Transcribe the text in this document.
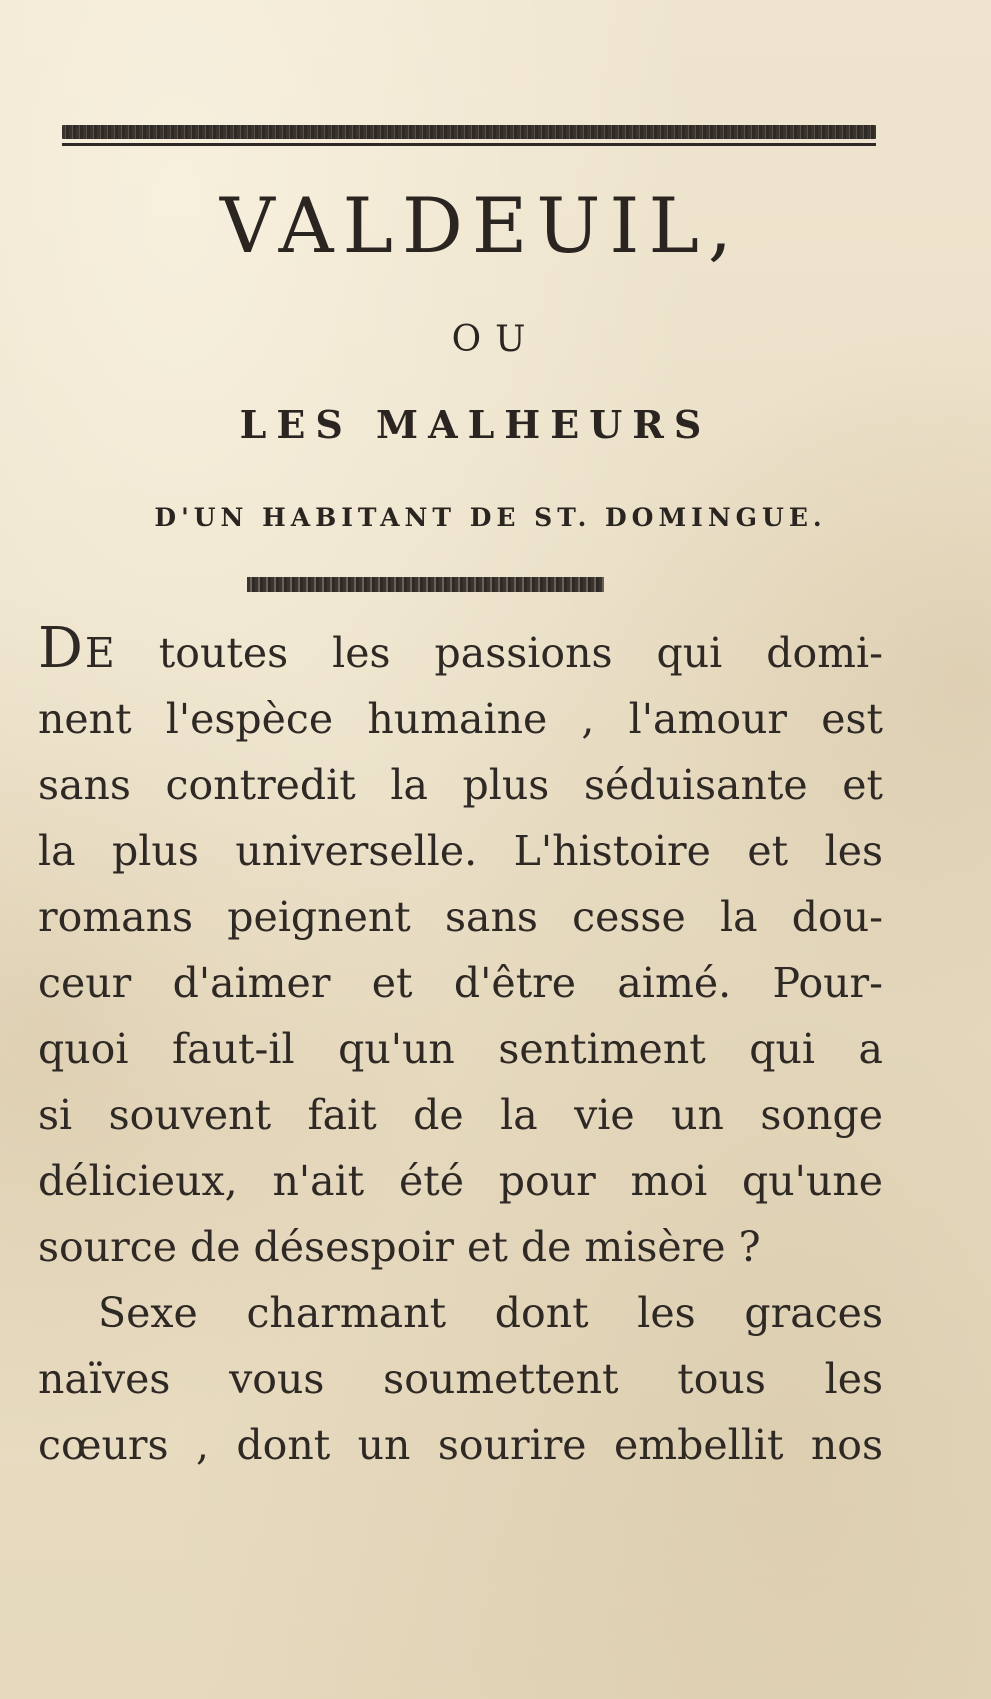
VALDEUIL,
OU
LES MALHEURS
D'UN HABITANT DE ST. DOMINGUE.
DE toutes les passions qui domi-
nent l'espèce humaine , l'amour est
sans contredit la plus séduisante et
la plus universelle. L'histoire et les
romans peignent sans cesse la dou-
ceur d'aimer et d'être aimé. Pour-
quoi faut-il qu'un sentiment qui a
si souvent fait de la vie un songe
délicieux, n'ait été pour moi qu'une
source de désespoir et de misère ?
Sexe charmant dont les graces
naïves vous soumettent tous les
cœurs , dont un sourire embellit nos
